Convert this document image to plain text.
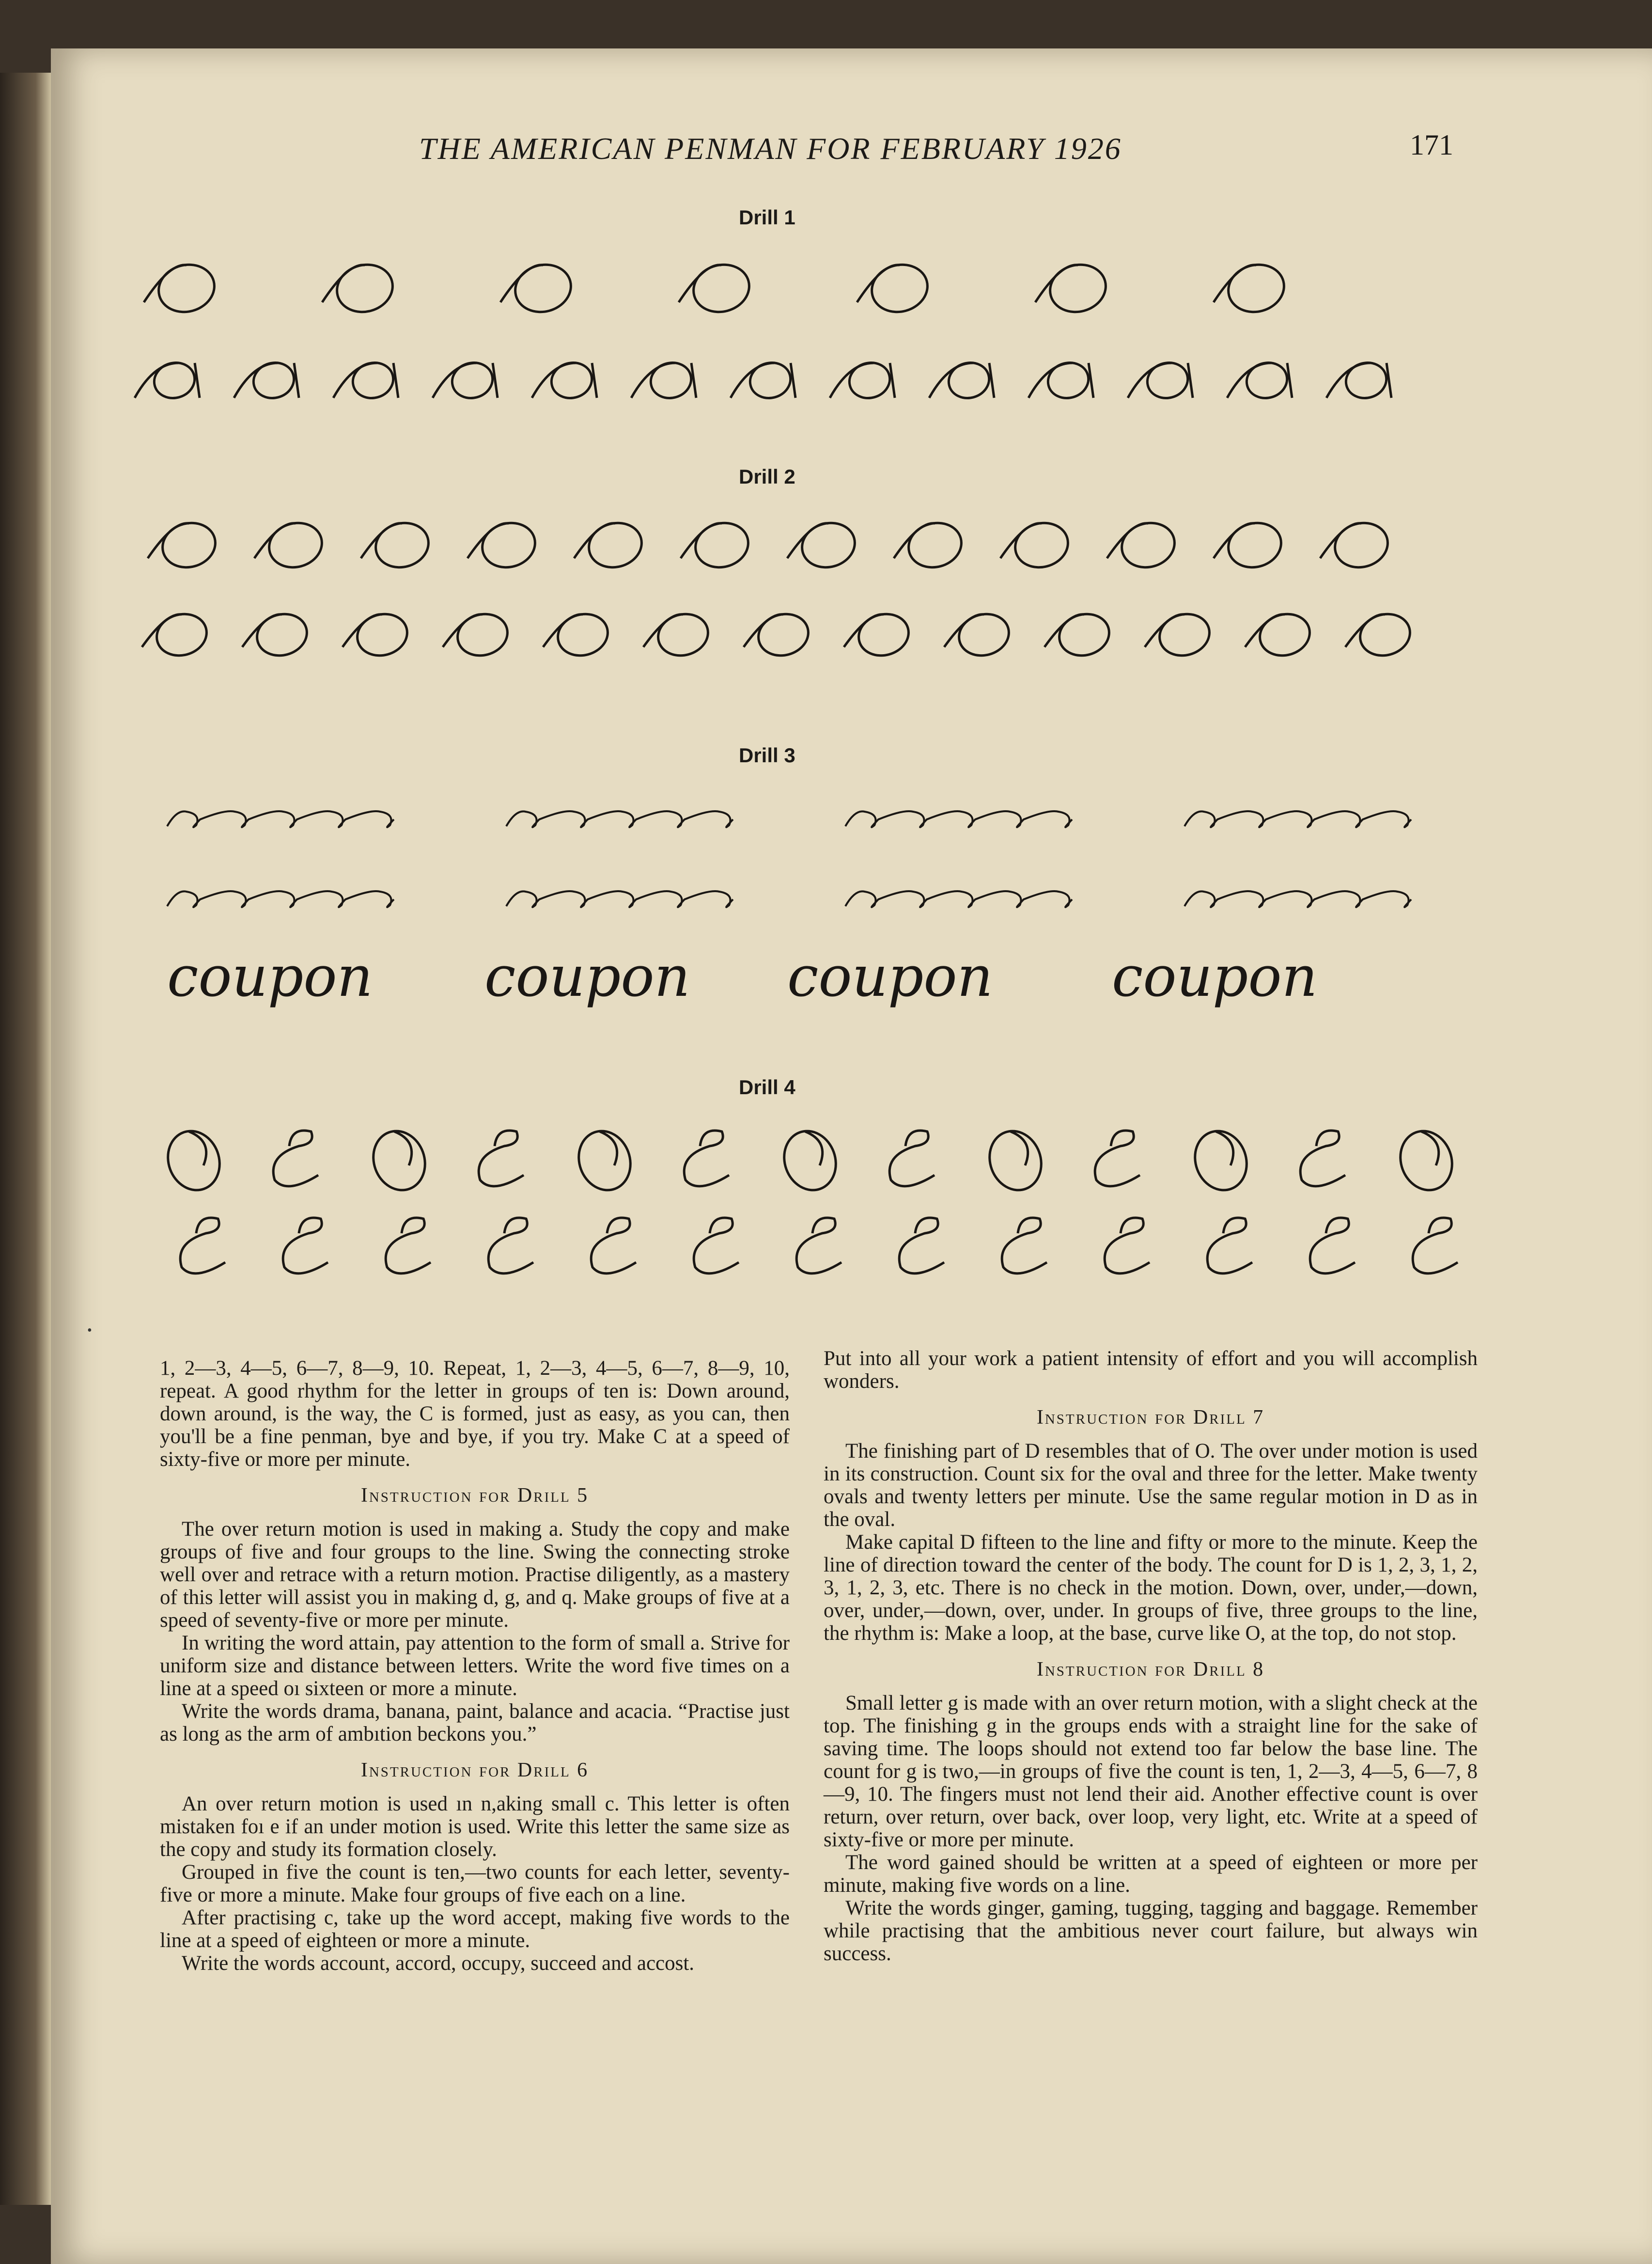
THE AMERICAN PENMAN FOR FEBRUARY 1926	171
Drill 1
Drill 2
Drill 3
Drill 4
coupon coupon coupon coupon
•

1, 2—3, 4—5, 6—7, 8—9, 10. Repeat, 1, 2—3, 4—5, 6—7, 8—9, 10, repeat. A good rhythm for the letter in groups of ten is: Down around, down around, is the way, the C is formed, just as easy, as you can, then you'll be a fine penman, bye and bye, if you try. Make C at a speed of sixty-five or more per minute.

Instruction for Drill 5

The over return motion is used in making a. Study the copy and make groups of five and four groups to the line. Swing the connecting stroke well over and retrace with a return motion. Practise diligently, as a mastery of this letter will assist you in making d, g, and q. Make groups of five at a speed of seventy-five or more per minute.

In writing the word attain, pay attention to the form of small a. Strive for uniform size and distance between letters. Write the word five times on a line at a speed oı sixteen or more a minute.

Write the words drama, banana, paint, balance and acacia. “Practise just as long as the arm of ambıtion beckons you.”

Instruction for Drill 6

An over return motion is used ın n,aking small c. This letter is often mistaken foı e if an under motion is used. Write this letter the same size as the copy and study its formation closely.

Grouped in five the count is ten,—two counts for each letter, seventy-five or more a minute. Make four groups of five each on a line.

After practising c, take up the word accept, making five words to the line at a speed of eighteen or more a minute.

Write the words account, accord, occupy, succeed and accost.

Put into all your work a patient intensity of effort and you will accomplish wonders.

Instruction for Drill 7

The finishing part of D resembles that of O. The over under motion is used in its construction. Count six for the oval and three for the letter. Make twenty ovals and twenty letters per minute. Use the same regular motion in D as in the oval.

Make capital D fifteen to the line and fifty or more to the minute. Keep the line of direction toward the center of the body. The count for D is 1, 2, 3, 1, 2, 3, 1, 2, 3, etc. There is no check in the motion. Down, over, under,—down, over, under,—down, over, under. In groups of five, three groups to the line, the rhythm is: Make a loop, at the base, curve like O, at the top, do not stop.

Instruction for Drill 8

Small letter g is made with an over return motion, with a slight check at the top. The finishing g in the groups ends with a straight line for the sake of saving time. The loops should not extend too far below the base line. The count for g is two,—in groups of five the count is ten, 1, 2—3, 4—5, 6—7, 8—9, 10. The fingers must not lend their aid. Another effective count is over return, over return, over back, over loop, very light, etc. Write at a speed of sixty-five or more per minute.

The word gained should be written at a speed of eighteen or more per minute, making five words on a line.

Write the words ginger, gaming, tugging, tagging and baggage. Remember while practising that the ambitious never court failure, but always win success.
